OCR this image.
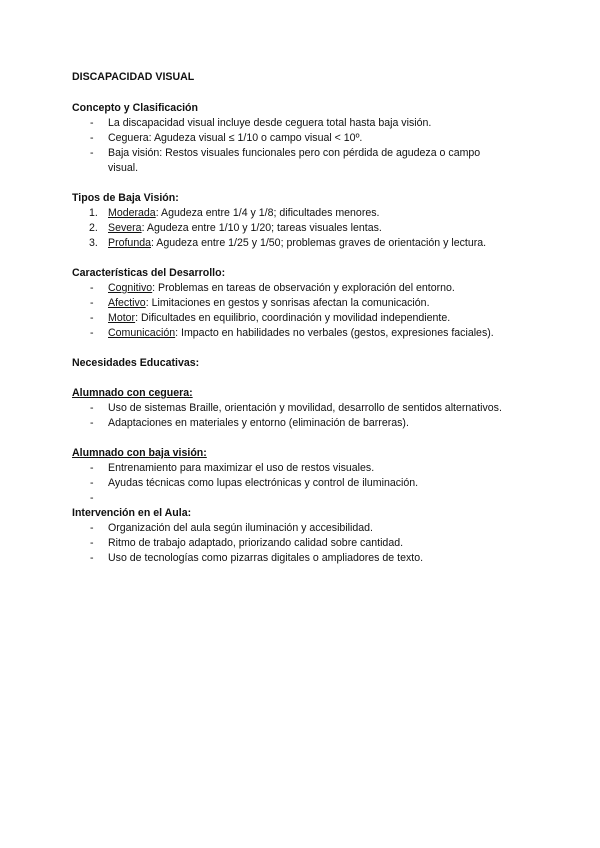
DISCAPACIDAD VISUAL
Concepto y Clasificación
- La discapacidad visual incluye desde ceguera total hasta baja visión.
- Ceguera: Agudeza visual ≤ 1/10 o campo visual < 10º.
- Baja visión: Restos visuales funcionales pero con pérdida de agudeza o campo visual.
Tipos de Baja Visión:
1. Moderada: Agudeza entre 1/4 y 1/8; dificultades menores.
2. Severa: Agudeza entre 1/10 y 1/20; tareas visuales lentas.
3. Profunda: Agudeza entre 1/25 y 1/50; problemas graves de orientación y lectura.
Características del Desarrollo:
- Cognitivo: Problemas en tareas de observación y exploración del entorno.
- Afectivo: Limitaciones en gestos y sonrisas afectan la comunicación.
- Motor: Dificultades en equilibrio, coordinación y movilidad independiente.
- Comunicación: Impacto en habilidades no verbales (gestos, expresiones faciales).
Necesidades Educativas:
Alumnado con ceguera:
- Uso de sistemas Braille, orientación y movilidad, desarrollo de sentidos alternativos.
- Adaptaciones en materiales y entorno (eliminación de barreras).
Alumnado con baja visión:
- Entrenamiento para maximizar el uso de restos visuales.
- Ayudas técnicas como lupas electrónicas y control de iluminación.
-
Intervención en el Aula:
- Organización del aula según iluminación y accesibilidad.
- Ritmo de trabajo adaptado, priorizando calidad sobre cantidad.
- Uso de tecnologías como pizarras digitales o ampliadores de texto.
